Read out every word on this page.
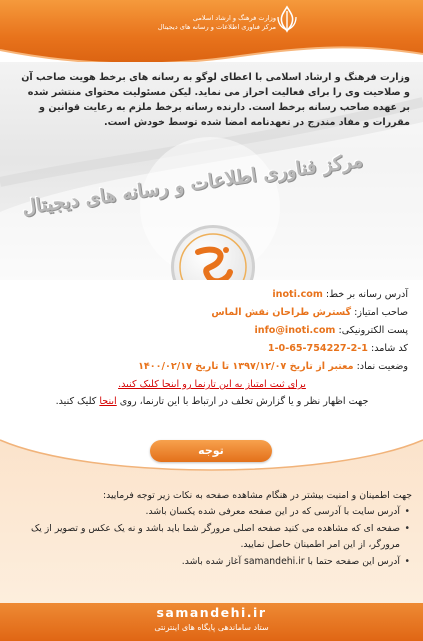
وزارت فرهنگ و ارشاد اسلامی
مرکز فناوری اطلاعات و رسانه های دیجیتال
وزارت فرهنگ و ارشاد اسلامی با اعطای لوگو به رسانه های برخط هویت صاحب آن و صلاحیت وی را برای فعالیت احراز می نماید. لیکن مسئولیت محتوای منتشر شده بر عهده صاحب رسانه برخط است. دارنده رسانه برخط ملزم به رعایت قوانین و مقررات و مفاد مندرج در تعهدنامه امضا شده توسط خودش است.
مرکز فناوری اطلاعات و رسانه های دیجیتال
آدرس رسانه بر خط: inoti.com
صاحب امتیاز: گسترش طراحان نقش الماس
پست الکترونیکی: info@inoti.com
کد شامد: 1-0-65-754227-2-1
وضعیت نماد: معتبر از تاریخ ۱۳۹۷/۱۲/۰۷ تا تاریخ ۱۴۰۰/۰۲/۱۷
برای ثبت امتیاز به این تارنما رو اینجا کلیک کنید.
جهت اظهار نظر و یا گزارش تخلف در ارتباط با این تارنما، روی اینجا کلیک کنید.
توجه
جهت اطمینان و امنیت بیشتر در هنگام مشاهده صفحه به نکات زیر توجه فرمایید:
• آدرس سایت با آدرسی که در این صفحه معرفی شده یکسان باشد.
• صفحه ای که مشاهده می کنید صفحه اصلی مرورگر شما باید باشد و نه یک عکس و تصویر از یک مرورگر، از این امر اطمینان حاصل نمایید.
• آدرس این صفحه حتما با samandehi.ir آغاز شده باشد.
samandehi.ir
ستاد ساماندهی پایگاه های اینترنتی
